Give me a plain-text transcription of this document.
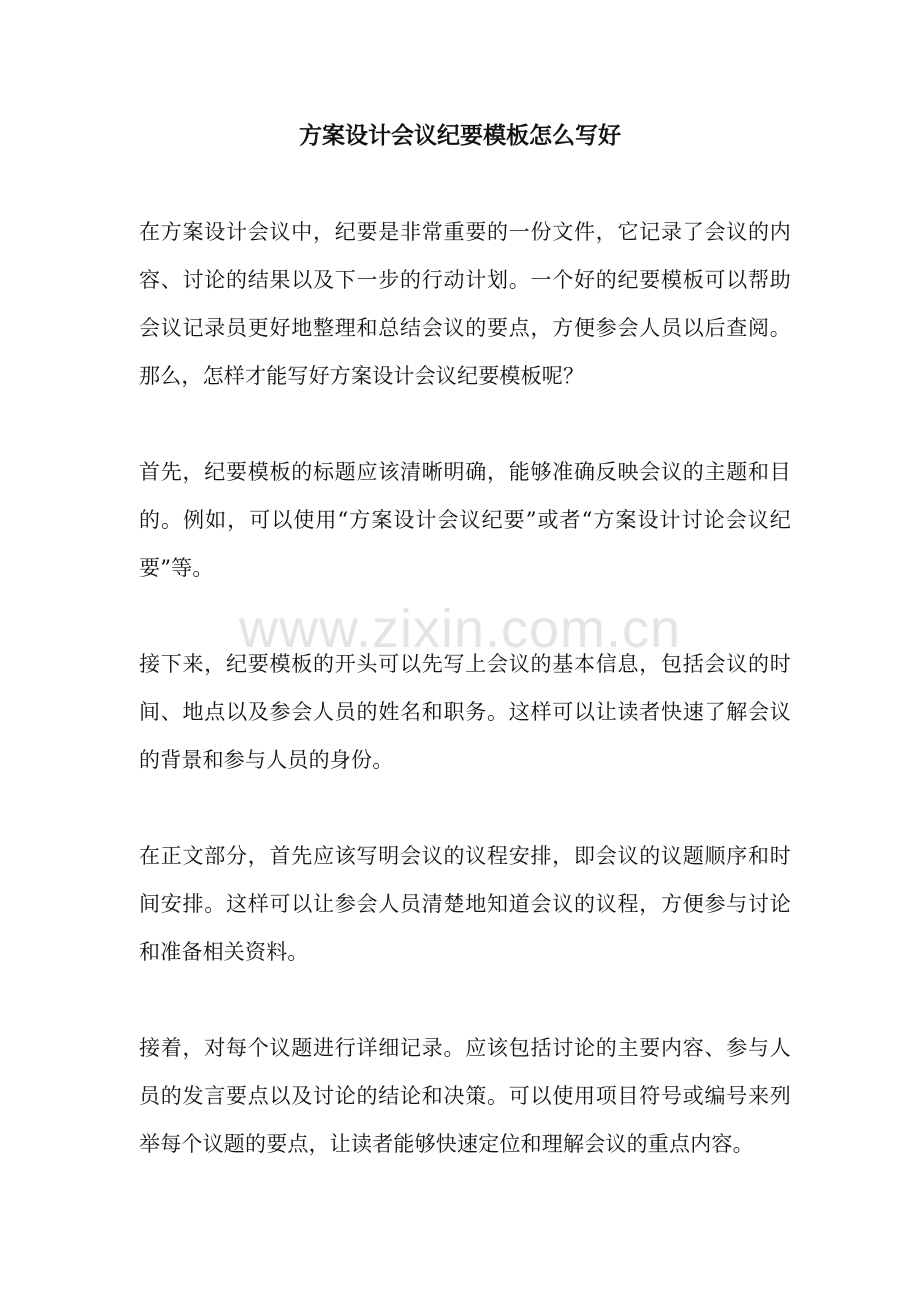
方案设计会议纪要模板怎么写好

在方案设计会议中，纪要是非常重要的一份文件，它记录了会议的内容、讨论的结果以及下一步的行动计划。一个好的纪要模板可以帮助会议记录员更好地整理和总结会议的要点，方便参会人员以后查阅。那么，怎样才能写好方案设计会议纪要模板呢？

首先，纪要模板的标题应该清晰明确，能够准确反映会议的主题和目的。例如，可以使用“方案设计会议纪要”或者“方案设计讨论会议纪要”等。

接下来，纪要模板的开头可以先写上会议的基本信息，包括会议的时间、地点以及参会人员的姓名和职务。这样可以让读者快速了解会议的背景和参与人员的身份。

在正文部分，首先应该写明会议的议程安排，即会议的议题顺序和时间安排。这样可以让参会人员清楚地知道会议的议程，方便参与讨论和准备相关资料。

接着，对每个议题进行详细记录。应该包括讨论的主要内容、参与人员的发言要点以及讨论的结论和决策。可以使用项目符号或编号来列举每个议题的要点，让读者能够快速定位和理解会议的重点内容。

www.zixin.com.cn
